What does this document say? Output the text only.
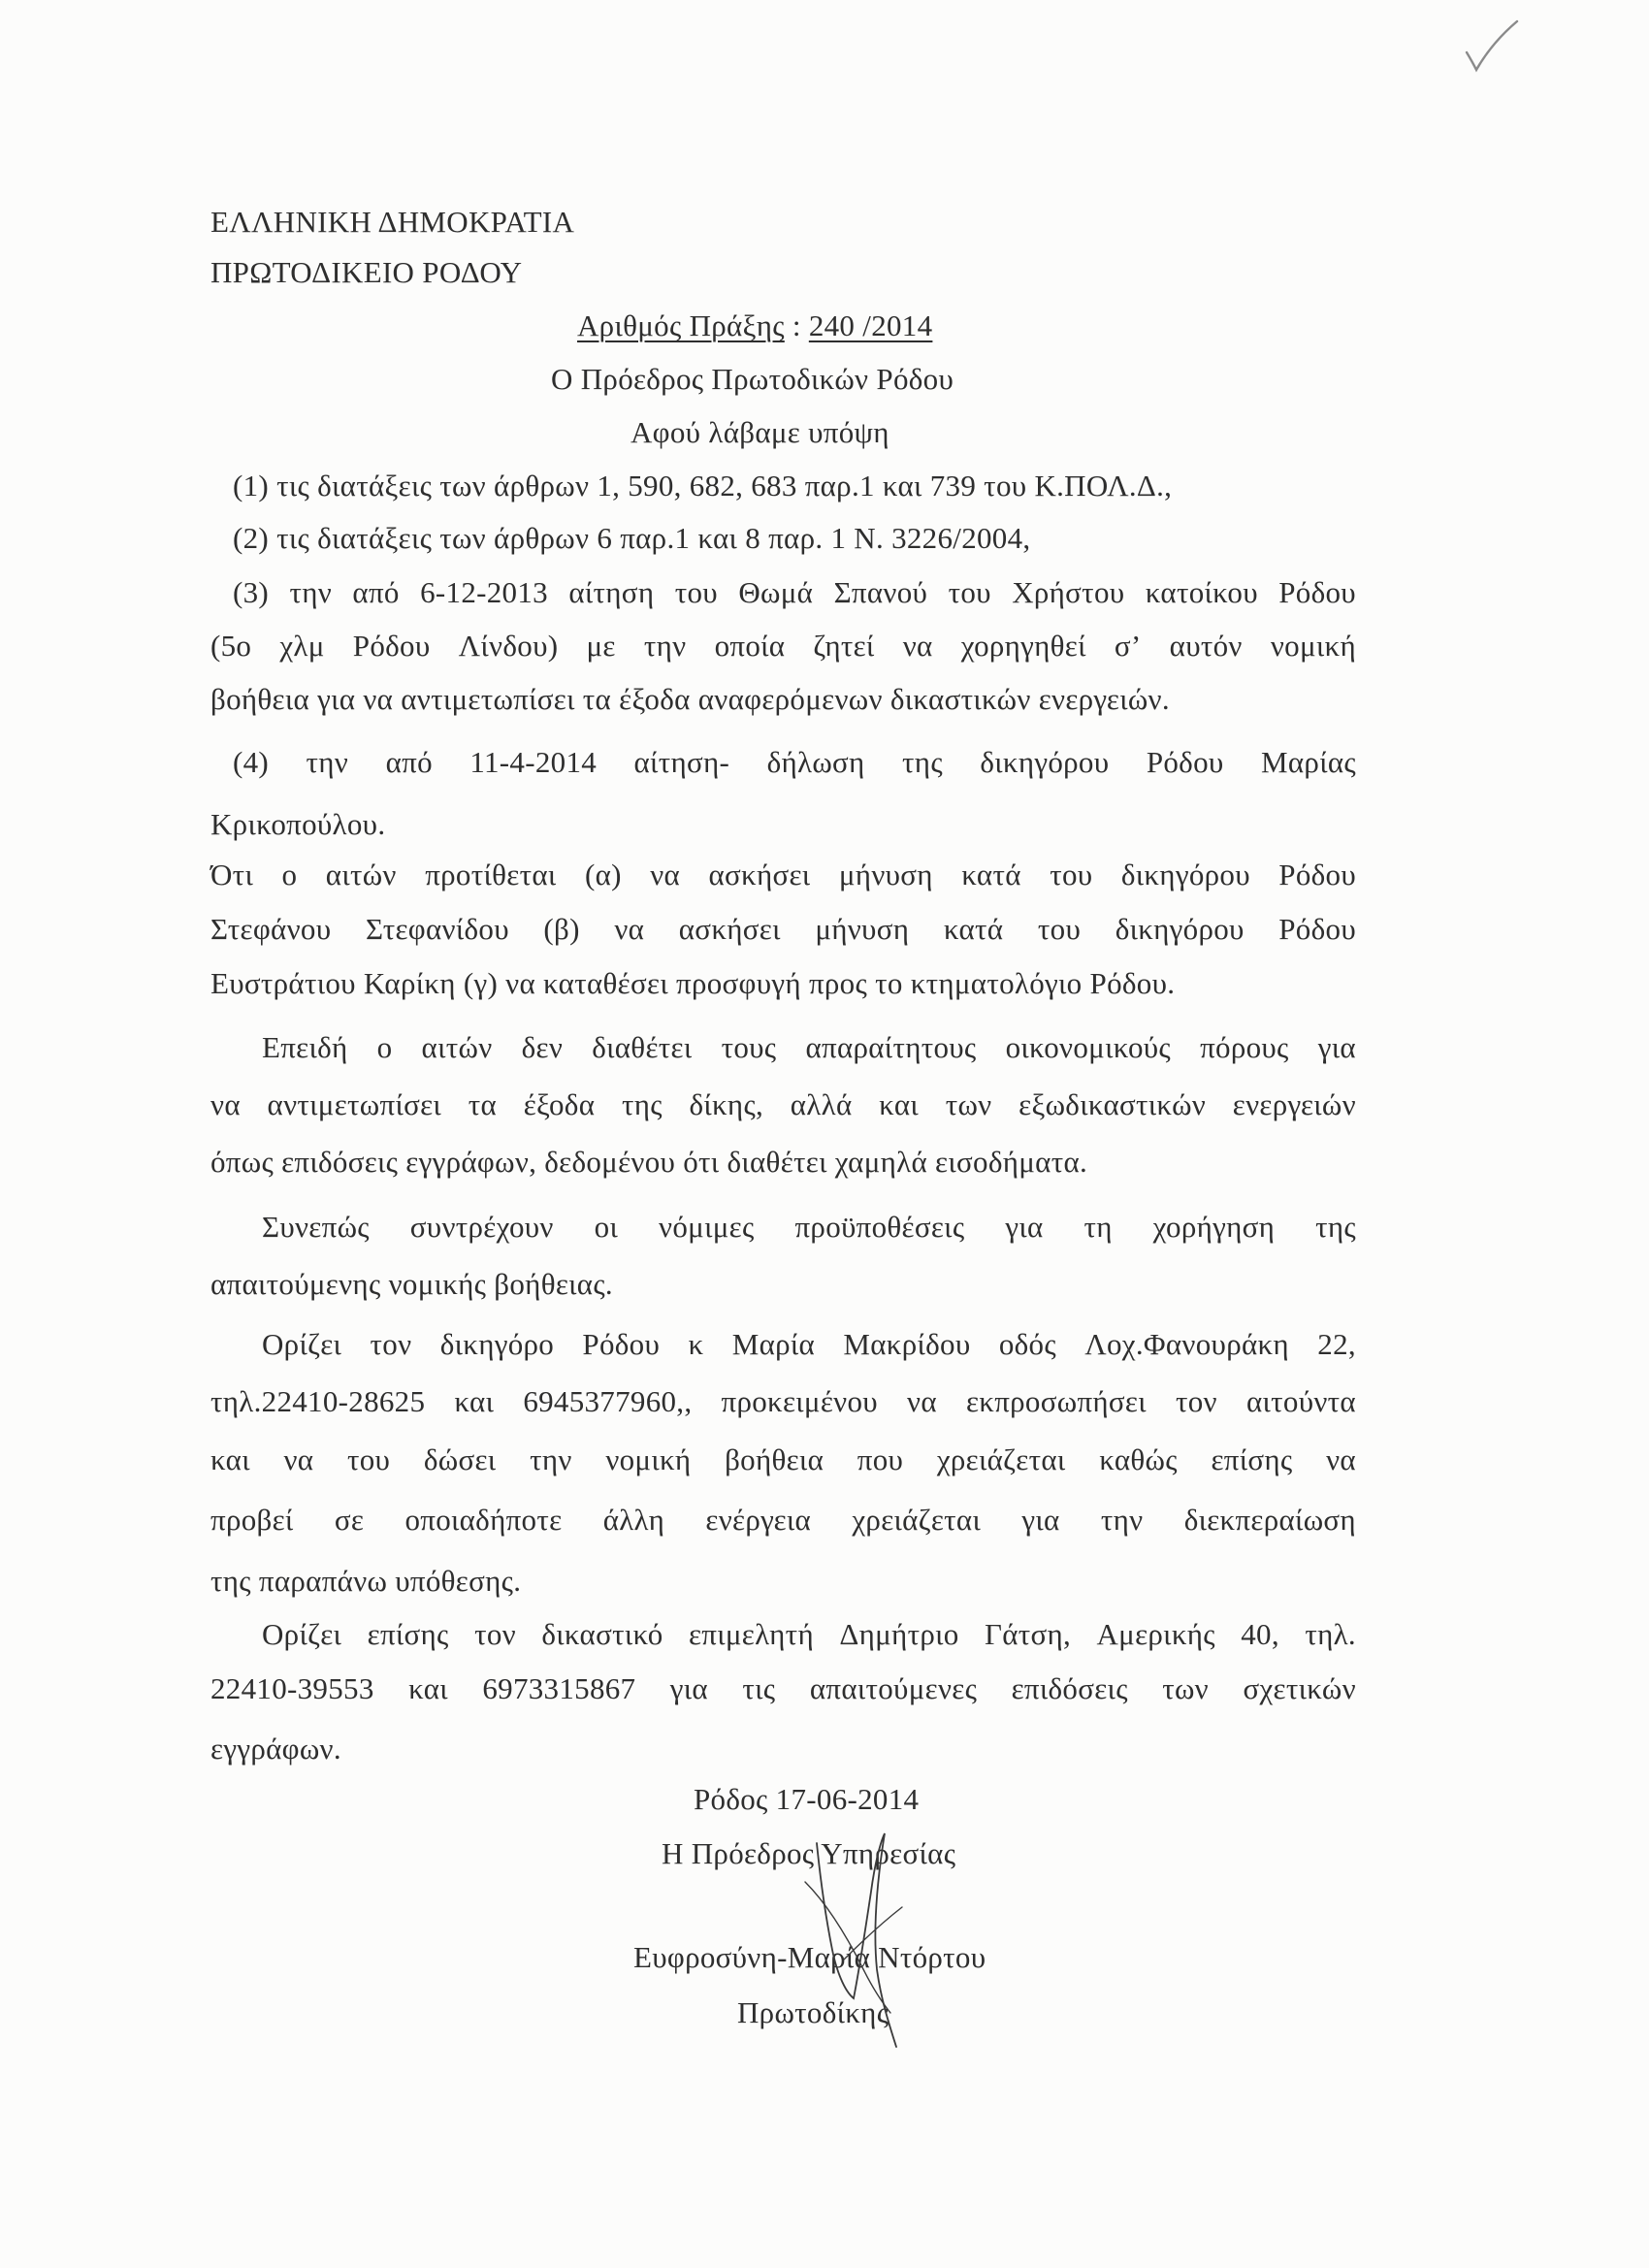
ΕΛΛΗΝΙΚΗ ΔΗΜΟΚΡΑΤΙΑ
ΠΡΩΤΟΔΙΚΕΙΟ ΡΟΔΟΥ
Αριθμός Πράξης : 240 /2014
Ο Πρόεδρος Πρωτοδικών Ρόδου
Αφού λάβαμε υπόψη
(1) τις διατάξεις των άρθρων 1, 590, 682, 683 παρ.1 και 739 του Κ.ΠΟΛ.Δ.,
(2) τις διατάξεις των άρθρων 6 παρ.1 και 8 παρ. 1 Ν. 3226/2004,
(3) την από 6-12-2013 αίτηση του Θωμά Σπανού του Χρήστου κατοίκου Ρόδου
(5ο χλμ Ρόδου Λίνδου) με την οποία ζητεί να χορηγηθεί σ’ αυτόν νομική
βοήθεια για να αντιμετωπίσει τα έξοδα αναφερόμενων δικαστικών ενεργειών.
(4) την από 11-4-2014 αίτηση- δήλωση της δικηγόρου Ρόδου Μαρίας
Κρικοπούλου.
Ότι ο αιτών προτίθεται (α) να ασκήσει μήνυση κατά του δικηγόρου Ρόδου
Στεφάνου Στεφανίδου (β) να ασκήσει μήνυση κατά του δικηγόρου Ρόδου
Ευστράτιου Καρίκη (γ) να καταθέσει προσφυγή προς το κτηματολόγιο Ρόδου.
Επειδή ο αιτών δεν διαθέτει τους απαραίτητους οικονομικούς πόρους για
να αντιμετωπίσει τα έξοδα της δίκης, αλλά και των εξωδικαστικών ενεργειών
όπως επιδόσεις εγγράφων, δεδομένου ότι διαθέτει χαμηλά εισοδήματα.
Συνεπώς συντρέχουν οι νόμιμες προϋποθέσεις για τη χορήγηση της
απαιτούμενης νομικής βοήθειας.
Ορίζει τον δικηγόρο Ρόδου κ Μαρία Μακρίδου οδός Λοχ.Φανουράκη 22,
τηλ.22410-28625 και 6945377960,, προκειμένου να εκπροσωπήσει τον αιτούντα
και να του δώσει την νομική βοήθεια που χρειάζεται καθώς επίσης να
προβεί σε οποιαδήποτε άλλη ενέργεια χρειάζεται για την διεκπεραίωση
της παραπάνω υπόθεσης.
Ορίζει επίσης τον δικαστικό επιμελητή Δημήτριο Γάτση, Αμερικής 40, τηλ.
22410-39553 και 6973315867 για τις απαιτούμενες επιδόσεις των σχετικών
εγγράφων.
Ρόδος 17-06-2014
Η Πρόεδρος Υπηρεσίας
Ευφροσύνη-Μαρία Ντόρτου
Πρωτοδίκης
